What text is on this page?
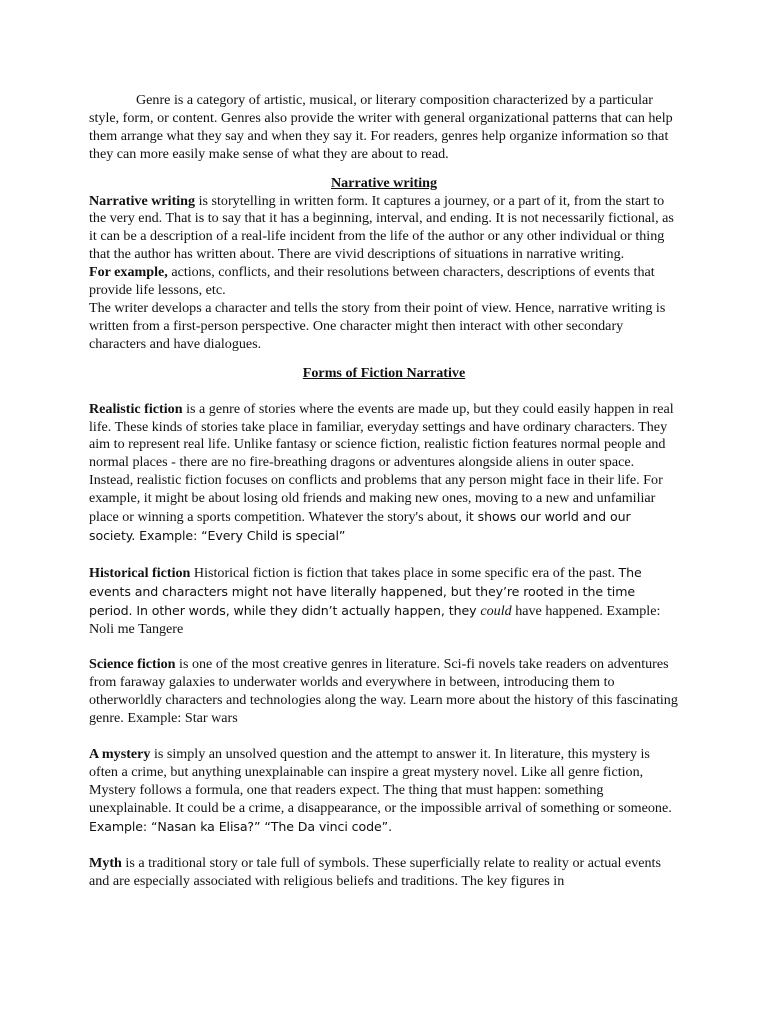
Genre is a category of artistic, musical, or literary composition characterized by a particular style, form, or content. Genres also provide the writer with general organizational patterns that can help them arrange what they say and when they say it. For readers, genres help organize information so that they can more easily make sense of what they are about to read.

Narrative writing

Narrative writing is storytelling in written form. It captures a journey, or a part of it, from the start to the very end. That is to say that it has a beginning, interval, and ending. It is not necessarily fictional, as it can be a description of a real-life incident from the life of the author or any other individual or thing that the author has written about. There are vivid descriptions of situations in narrative writing.

For example, actions, conflicts, and their resolutions between characters, descriptions of events that provide life lessons, etc.

The writer develops a character and tells the story from their point of view. Hence, narrative writing is written from a first-person perspective. One character might then interact with other secondary characters and have dialogues.

Forms of Fiction Narrative

Realistic fiction is a genre of stories where the events are made up, but they could easily happen in real life. These kinds of stories take place in familiar, everyday settings and have ordinary characters. They aim to represent real life. Unlike fantasy or science fiction, realistic fiction features normal people and normal places - there are no fire-breathing dragons or adventures alongside aliens in outer space. Instead, realistic fiction focuses on conflicts and problems that any person might face in their life. For example, it might be about losing old friends and making new ones, moving to a new and unfamiliar place or winning a sports competition. Whatever the story's about, it shows our world and our society. Example: “Every Child is special”

Historical fiction Historical fiction is fiction that takes place in some specific era of the past. The events and characters might not have literally happened, but they’re rooted in the time period. In other words, while they didn’t actually happen, they could have happened. Example: Noli me Tangere

Science fiction is one of the most creative genres in literature. Sci-fi novels take readers on adventures from faraway galaxies to underwater worlds and everywhere in between, introducing them to otherworldly characters and technologies along the way. Learn more about the history of this fascinating genre. Example: Star wars

A mystery is simply an unsolved question and the attempt to answer it. In literature, this mystery is often a crime, but anything unexplainable can inspire a great mystery novel. Like all genre fiction, Mystery follows a formula, one that readers expect. The thing that must happen: something unexplainable. It could be a crime, a disappearance, or the impossible arrival of something or someone. Example: “Nasan ka Elisa?” “The Da vinci code”.

Myth is a traditional story or tale full of symbols. These superficially relate to reality or actual events and are especially associated with religious beliefs and traditions. The key figures in
